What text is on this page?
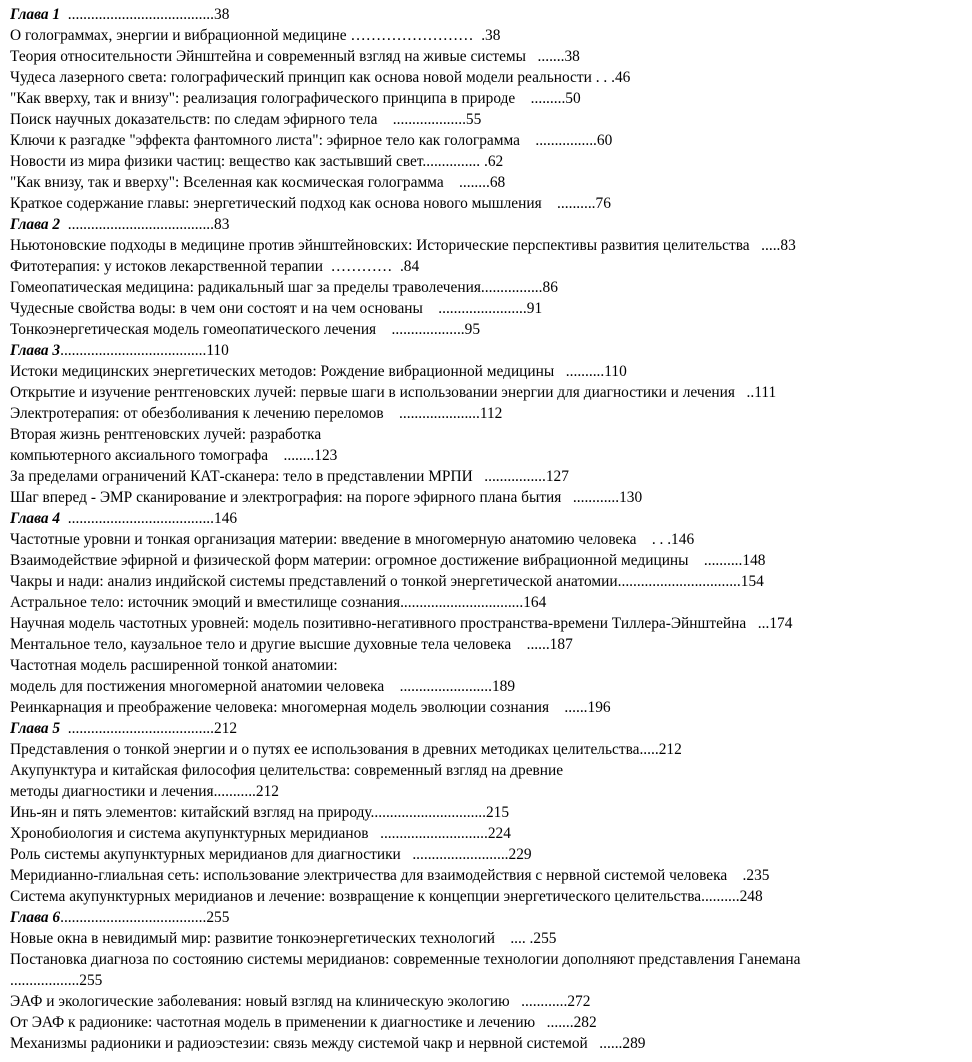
Глава 1  ......................................38
О голограммах, энергии и вибрационной медицине ……………………  .38
Теория относительности Эйнштейна и современный взгляд на живые системы   .......38
Чудеса лазерного света: голографический принцип как основа новой модели реальности . . .46
"Как вверху, так и внизу": реализация голографического принципа в природе    .........50
Поиск научных доказательств: по следам эфирного тела    ...................55
Ключи к разгадке "эффекта фантомного листа": эфирное тело как голограмма    ................60
Новости из мира физики частиц: вещество как застывший свет............... .62
"Как внизу, так и вверху": Вселенная как космическая голограмма    ........68
Краткое содержание главы: энергетический подход как основа нового мышления    ..........76
Глава 2  ......................................83
Ньютоновские подходы в медицине против эйнштейновских: Исторические перспективы развития целительства   .....83
Фитотерапия: у истоков лекарственной терапии  …………  .84
Гомеопатическая медицина: радикальный шаг за пределы траволечения................86
Чудесные свойства воды: в чем они состоят и на чем основаны    .......................91
Тонкоэнергетическая модель гомеопатического лечения    ...................95
Глава 3......................................110
Истоки медицинских энергетических методов: Рождение вибрационной медицины   ..........110
Открытие и изучение рентгеновских лучей: первые шаги в использовании энергии для диагностики и лечения   ..111
Электротерапия: от обезболивания к лечению переломов    .....................112
Вторая жизнь рентгеновских лучей: разработка
компьютерного аксиального томографа    ........123
За пределами ограничений КАТ-сканера: тело в представлении МРПИ   ................127
Шаг вперед - ЭМР сканирование и электрография: на пороге эфирного плана бытия   ............130
Глава 4  ......................................146
Частотные уровни и тонкая организация материи: введение в многомерную анатомию человека    . . .146
Взаимодействие эфирной и физической форм материи: огромное достижение вибрационной медицины    ..........148
Чакры и нади: анализ индийской системы представлений о тонкой энергетической анатомии................................154
Астральное тело: источник эмоций и вместилище сознания................................164
Научная модель частотных уровней: модель позитивно-негативного пространства-времени Тиллера-Эйнштейна   ...174
Ментальное тело, каузальное тело и другие высшие духовные тела человека    ......187
Частотная модель расширенной тонкой анатомии:
модель для постижения многомерной анатомии человека    ........................189
Реинкарнация и преображение человека: многомерная модель эволюции сознания    ......196
Глава 5  ......................................212
Представления о тонкой энергии и о путях ее использования в древних методиках целительства.....212
Акупунктура и китайская философия целительства: современный взгляд на древние
методы диагностики и лечения...........212
Инь-ян и пять элементов: китайский взгляд на природу..............................215
Хронобиология и система акупунктурных меридианов   ............................224
Роль системы акупунктурных меридианов для диагностики   .........................229
Меридианно-глиальная сеть: использование электричества для взаимодействия с нервной системой человека    .235
Система акупунктурных меридианов и лечение: возвращение к концепции энергетического целительства..........248
Глава 6......................................255
Новые окна в невидимый мир: развитие тонкоэнергетических технологий    .... .255
Постановка диагноза по состоянию системы меридианов: современные технологии дополняют представления Ганемана
..................255
ЭАФ и экологические заболевания: новый взгляд на клиническую экологию   ............272
От ЭАФ к радионике: частотная модель в применении к диагностике и лечению   .......282
Механизмы радионики и радиоэстезии: связь между системой чакр и нервной системой   ......289
